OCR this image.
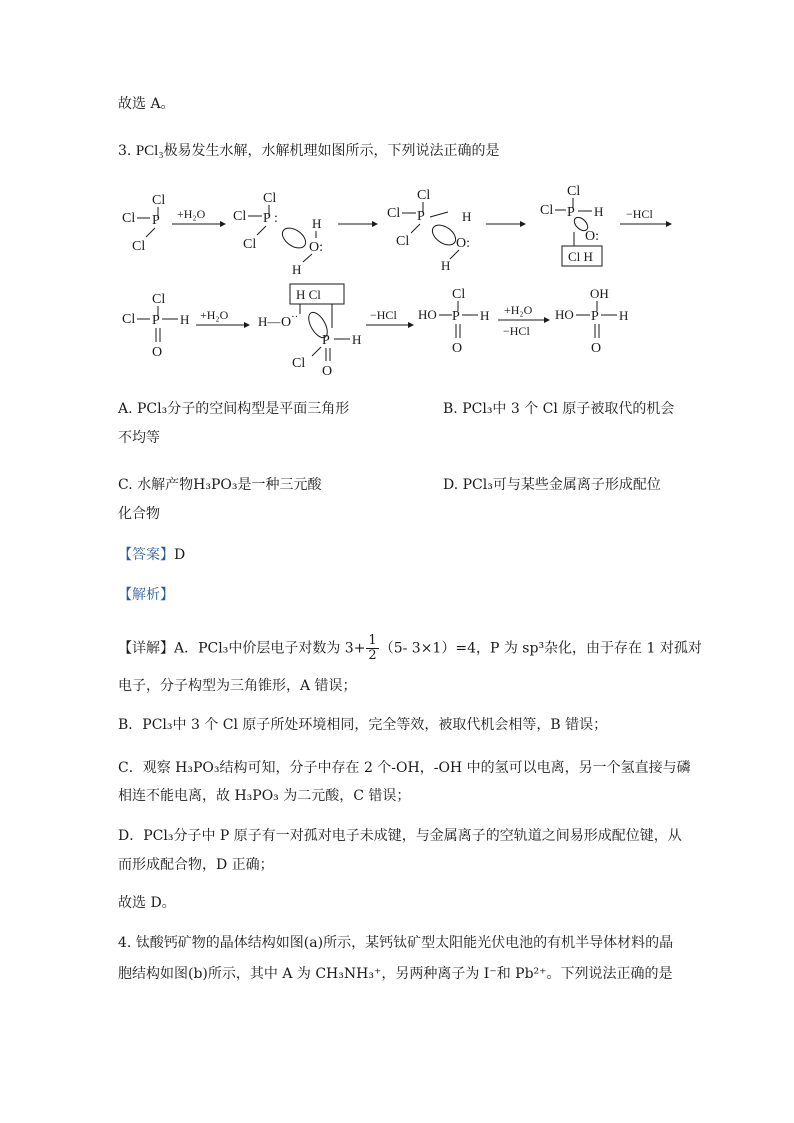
故选 A。
3. PCl₃极易发生水解，水解机理如图所示，下列说法正确的是
Cl
Cl P
Cl
+H₂O
Cl
Cl P :
Cl
H
O:
H
Cl
Cl P
Cl
H
O:
H
Cl
Cl P H
O:
Cl H
−HCl
Cl
Cl P H
O
+H₂O
H Cl
H— O ··
P H
Cl
O
−HCl
Cl
HO P H
O
+H₂O
−HCl
OH
HO P H
O
A. PCl₃分子的空间构型是平面三角形	B. PCl₃中 3 个 Cl 原子被取代的机会
不均等
C. 水解产物H₃PO₃是一种三元酸	D. PCl₃可与某些金属离子形成配位
化合物
【答案】D
【解析】
【详解】A．PCl₃中价层电子对数为 $3+ \frac{1}{2} (5-$ 3×1）=4，P 为 sp³杂化，由于存在 1 对孤对
电子，分子构型为三角锥形，A 错误；
B．PCl₃中 3 个 Cl 原子所处环境相同，完全等效，被取代机会相等，B 错误；
C．观察 H₃PO₃结构可知，分子中存在 2 个-OH，-OH 中的氢可以电离，另一个氢直接与磷
相连不能电离，故 H₃PO₃ 为二元酸，C 错误；
D．PCl₃分子中 P 原子有一对孤对电子未成键，与金属离子的空轨道之间易形成配位键，从
而形成配合物，D 正确；
故选 D。
4. 钛酸钙矿物的晶体结构如图(a)所示，某钙钛矿型太阳能光伏电池的有机半导体材料的晶
胞结构如图(b)所示，其中 A 为 CH₃NH₃⁺，另两种离子为 I⁻和 Pb²⁺。下列说法正确的是
